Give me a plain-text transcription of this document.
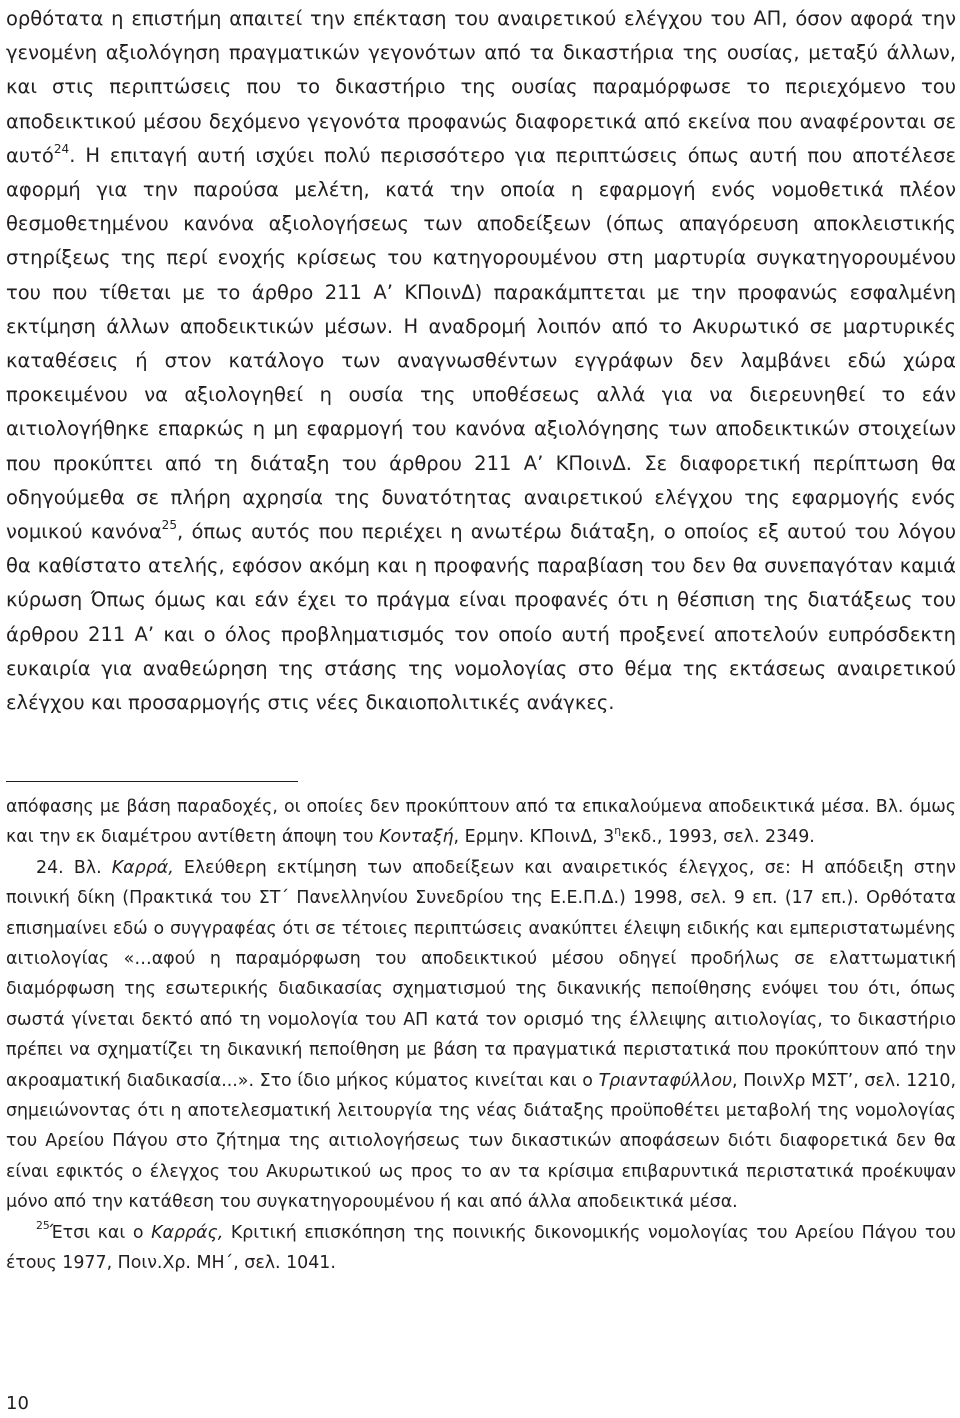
ορθότατα η επιστήμη απαιτεί την επέκταση του αναιρετικού ελέγχου του ΑΠ, όσον αφορά την γενομένη αξιολόγηση πραγματικών γεγονότων από τα δικαστήρια της ουσίας, μεταξύ άλλων, και στις περιπτώσεις που το δικαστήριο της ουσίας παραμόρφωσε το περιεχόμενο του αποδεικτικού μέσου δεχόμενο γεγονότα προφανώς διαφορετικά από εκείνα που αναφέρονται σε αυτό$^{24}$. Η επιταγή αυτή ισχύει πολύ περισσότερο για περιπτώσεις όπως αυτή που αποτέλεσε αφορμή για την παρούσα μελέτη, κατά την οποία η εφαρμογή ενός νομοθετικά πλέον θεσμοθετημένου κανόνα αξιολογήσεως των αποδείξεων (όπως απαγόρευση αποκλειστικής στηρίξεως της περί ενοχής κρίσεως του κατηγορουμένου στη μαρτυρία συγκατηγορουμένου του που τίθεται με το άρθρο 211 Α’ ΚΠοινΔ) παρακάμπτεται με την προφανώς εσφαλμένη εκτίμηση άλλων αποδεικτικών μέσων. Η αναδρομή λοιπόν από το Ακυρωτικό σε μαρτυρικές καταθέσεις ή στον κατάλογο των αναγνωσθέντων εγγράφων δεν λαμβάνει εδώ χώρα προκειμένου να αξιολογηθεί η ουσία της υποθέσεως αλλά για να διερευνηθεί το εάν αιτιολογήθηκε επαρκώς η μη εφαρμογή του κανόνα αξιολόγησης των αποδεικτικών στοιχείων που προκύπτει από τη διάταξη του άρθρου 211 Α’ ΚΠοινΔ. Σε διαφορετική περίπτωση θα οδηγούμεθα σε πλήρη αχρησία της δυνατότητας αναιρετικού ελέγχου της εφαρμογής ενός νομικού κανόνα$^{25}$, όπως αυτός που περιέχει η ανωτέρω διάταξη, ο οποίος εξ αυτού του λόγου θα καθίστατο ατελής, εφόσον ακόμη και η προφανής παραβίαση του δεν θα συνεπαγόταν καμιά κύρωση Όπως όμως και εάν έχει το πράγμα είναι προφανές ότι η θέσπιση της διατάξεως του άρθρου 211 Α’ και ο όλος προβληματισμός τον οποίο αυτή προξενεί αποτελούν ευπρόσδεκτη ευκαιρία για αναθεώρηση της στάσης της νομολογίας στο θέμα της εκτάσεως αναιρετικού ελέγχου και προσαρμογής στις νέες δικαιοπολιτικές ανάγκες.

απόφασης με βάση παραδοχές, οι οποίες δεν προκύπτουν από τα επικαλούμενα αποδεικτικά μέσα. Βλ. όμως και την εκ διαμέτρου αντίθετη άποψη του Κονταξή, Ερμην. ΚΠοινΔ, $3^\eta\varepsilon\kappa\delta$., 1993, σελ. 2349.

24. Βλ. Καρρά, Ελεύθερη εκτίμηση των αποδείξεων και αναιρετικός έλεγχος, σε: Η απόδειξη στην ποινική δίκη (Πρακτικά του ΣΤ΄ Πανελληνίου Συνεδρίου της Ε.Ε.Π.Δ.) 1998, σελ. 9 επ. (17 επ.). Ορθότατα επισημαίνει εδώ ο συγγραφέας ότι σε τέτοιες περιπτώσεις ανακύπτει έλειψη ειδικής και εμπεριστατωμένης αιτιολογίας «…αφού η παραμόρφωση του αποδεικτικού μέσου οδηγεί προδήλως σε ελαττωματική διαμόρφωση της εσωτερικής διαδικασίας σχηματισμού της δικανικής πεποίθησης ενόψει του ότι, όπως σωστά γίνεται δεκτό από τη νομολογία του ΑΠ κατά τον ορισμό της έλλειψης αιτιολογίας, το δικαστήριο πρέπει να σχηματίζει τη δικανική πεποίθηση με βάση τα πραγματικά περιστατικά που προκύπτουν από την ακροαματική διαδικασία...». Στο ίδιο μήκος κύματος κινείται και ο Τριανταφύλλου, ΠοινΧρ ΜΣΤ’, σελ. 1210, σημειώνοντας ότι η αποτελεσματική λειτουργία της νέας διάταξης προϋποθέτει μεταβολή της νομολογίας του Αρείου Πάγου στο ζήτημα της αιτιολογήσεως των δικαστικών αποφάσεων διότι διαφορετικά δεν θα είναι εφικτός ο έλεγχος του Ακυρωτικού ως προς το αν τα κρίσιμα επιβαρυντικά περιστατικά προέκυψαν μόνο από την κατάθεση του συγκατηγορουμένου ή και από άλλα αποδεικτικά μέσα.

$^{25}$Έτσι και ο Καρράς, Κριτική επισκόπηση της ποινικής δικονομικής νομολογίας του Αρείου Πάγου του έτους 1977, Ποιν.Χρ. ΜΗ΄, σελ. 1041.

10
